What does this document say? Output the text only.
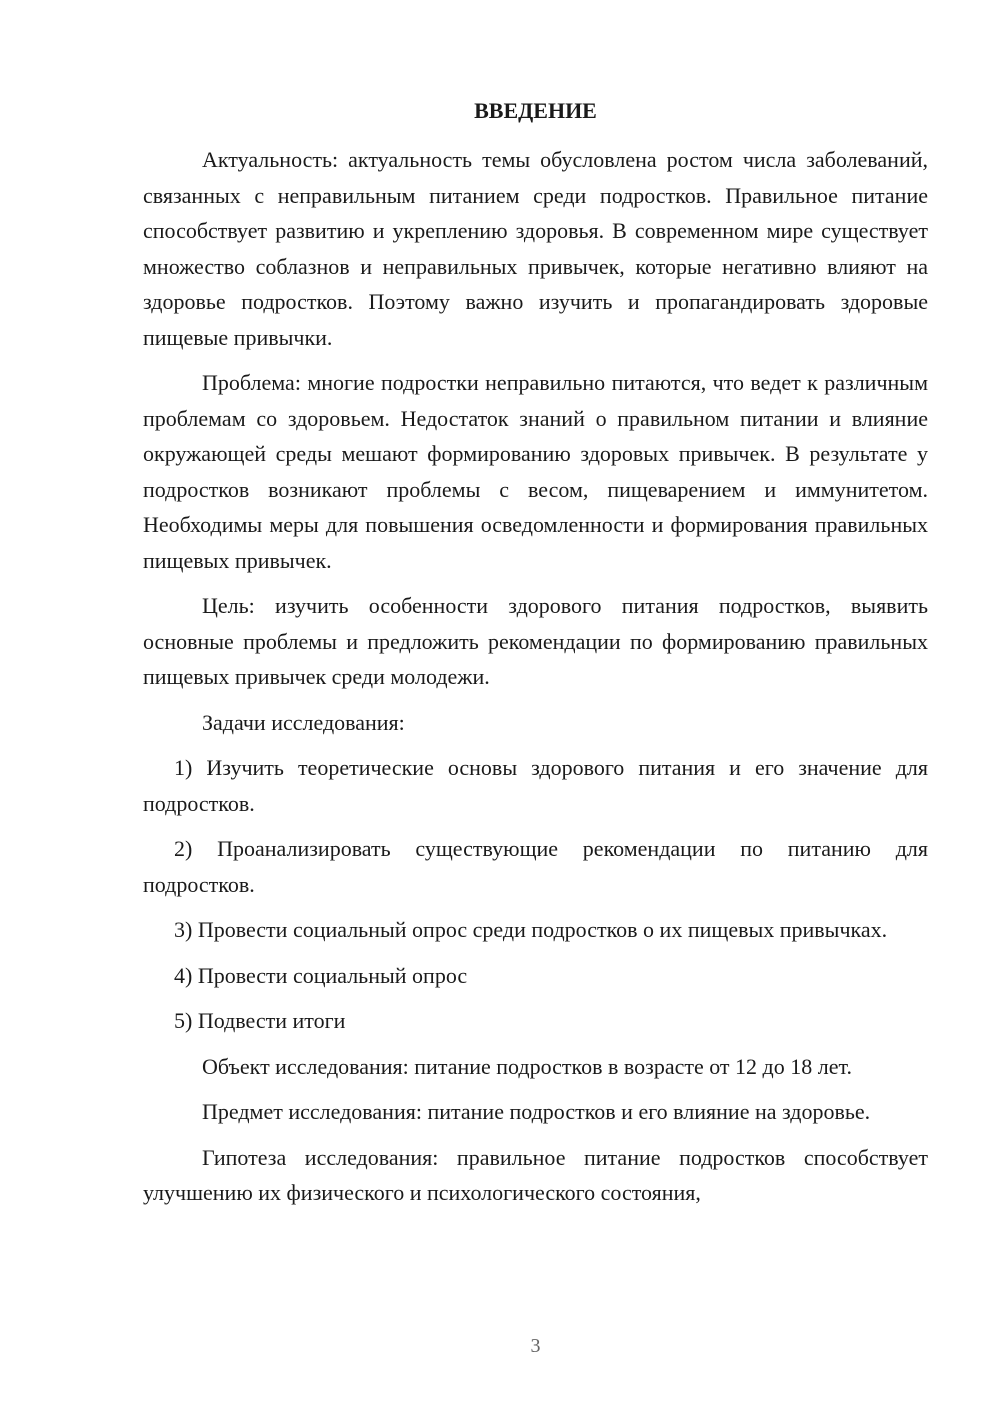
ВВЕДЕНИЕ

Актуальность: актуальность темы обусловлена ростом числа заболеваний, связанных с неправильным питанием среди подростков. Правильное питание способствует развитию и укреплению здоровья. В современном мире существует множество соблазнов и неправильных привычек, которые негативно влияют на здоровье подростков. Поэтому важно изучить и пропагандировать здоровые пищевые привычки.

Проблема: многие подростки неправильно питаются, что ведет к различным проблемам со здоровьем. Недостаток знаний о правильном питании и влияние окружающей среды мешают формированию здоровых привычек. В результате у подростков возникают проблемы с весом, пищеварением и иммунитетом. Необходимы меры для повышения осведомленности и формирования правильных пищевых привычек.

Цель: изучить особенности здорового питания подростков, выявить основные проблемы и предложить рекомендации по формированию правильных пищевых привычек среди молодежи.

Задачи исследования:

1) Изучить теоретические основы здорового питания и его значение для подростков.

2) Проанализировать существующие рекомендации по питанию для подростков.

3) Провести социальный опрос среди подростков о их пищевых привычках.

4) Провести социальный опрос

5) Подвести итоги

Объект исследования: питание подростков в возрасте от 12 до 18 лет.

Предмет исследования: питание подростков и его влияние на здоровье.

Гипотеза исследования: правильное питание подростков способствует улучшению их физического и психологического состояния,

3
